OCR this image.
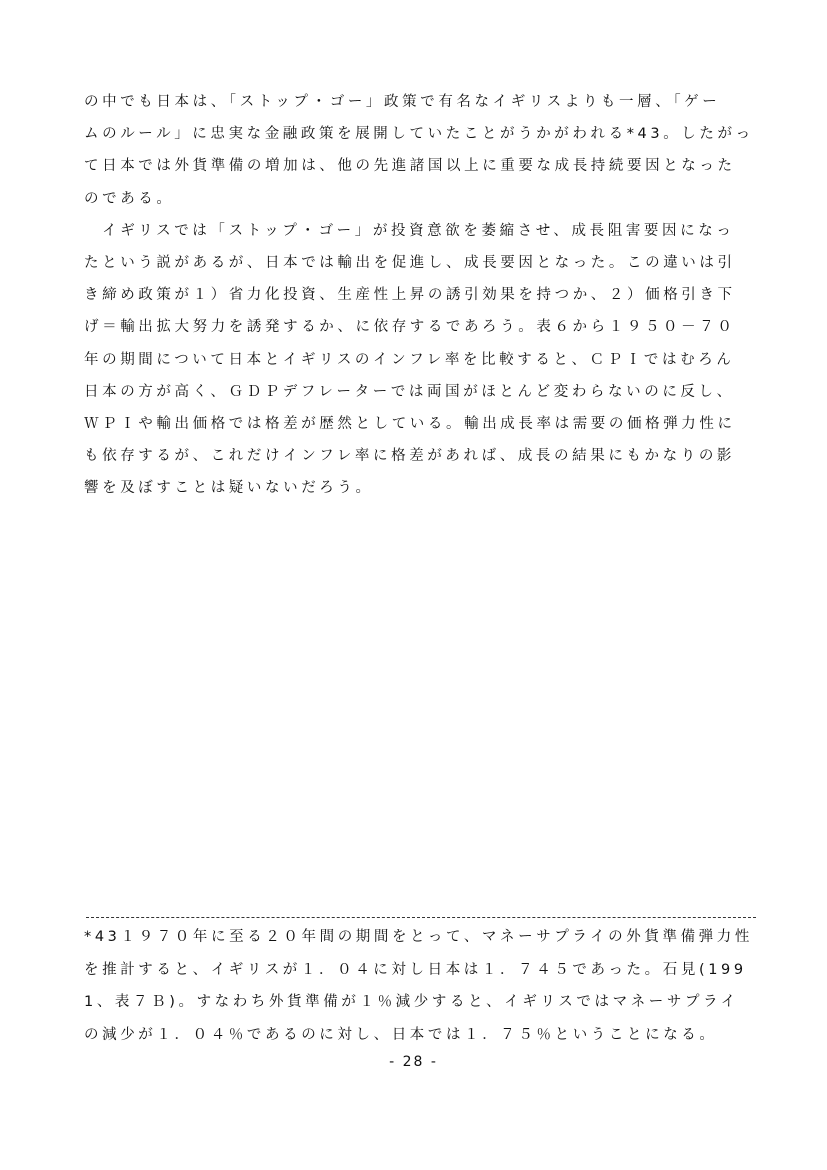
の中でも日本は、「ストップ・ゴー」政策で有名なイギリスよりも一層、「ゲー
ムのルール」に忠実な金融政策を展開していたことがうかがわれる*43。したがっ
て日本では外貨準備の増加は、他の先進諸国以上に重要な成長持続要因となった
のである。
　イギリスでは「ストップ・ゴー」が投資意欲を萎縮させ、成長阻害要因になっ
たという説があるが、日本では輸出を促進し、成長要因となった。この違いは引
き締め政策が１）省力化投資、生産性上昇の誘引効果を持つか、２）価格引き下
げ＝輸出拡大努力を誘発するか、に依存するであろう。表６から１９５０－７０
年の期間について日本とイギリスのインフレ率を比較すると、ＣＰＩではむろん
日本の方が高く、ＧＤＰデフレーターでは両国がほとんど変わらないのに反し、
ＷＰＩや輸出価格では格差が歴然としている。輸出成長率は需要の価格弾力性に
も依存するが、これだけインフレ率に格差があれば、成長の結果にもかなりの影
響を及ぼすことは疑いないだろう。
*43１９７０年に至る２０年間の期間をとって、マネーサプライの外貨準備弾力性
を推計すると、イギリスが１．０４に対し日本は１．７４５であった。石見(199
1、表７Ｂ)。すなわち外貨準備が１％減少すると、イギリスではマネーサプライ
の減少が１．０４％であるのに対し、日本では１．７５％ということになる。
- 28 -
